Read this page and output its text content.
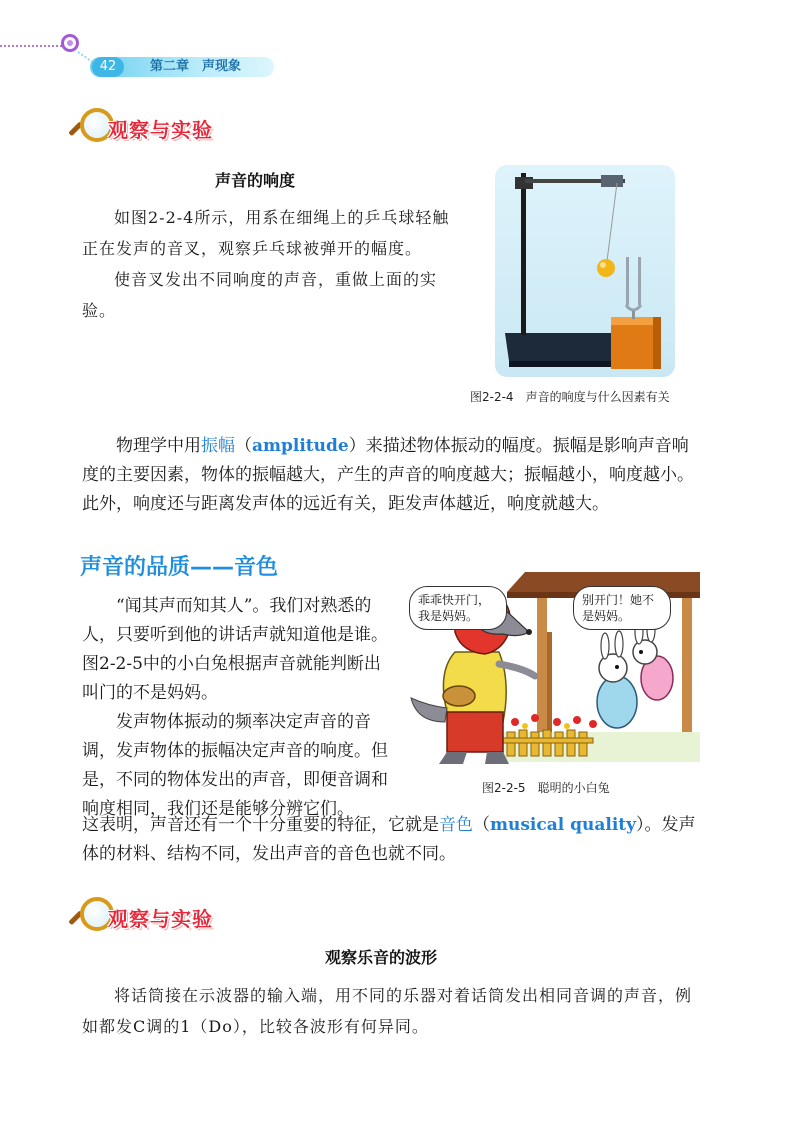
42	第二章　声现象
观察与实验
声音的响度

如图2-2-4所示，用系在细绳上的乒乓球轻触正在发声的音叉，观察乒乓球被弹开的幅度。

使音叉发出不同响度的声音，重做上面的实验。

图2-2-4　声音的响度与什么因素有关

物理学中用振幅（amplitude）来描述物体振动的幅度。振幅是影响声音响度的主要因素，物体的振幅越大，产生的声音的响度越大；振幅越小，响度越小。此外，响度还与距离发声体的远近有关，距发声体越近，响度就越大。

声音的品质——音色

“闻其声而知其人”。我们对熟悉的人，只要听到他的讲话声就知道他是谁。图2-2-5中的小白兔根据声音就能判断出叫门的不是妈妈。

发声物体振动的频率决定声音的音调，发声物体的振幅决定声音的响度。但是，不同的物体发出的声音，即便音调和响度相同，我们还是能够分辨它们。

这表明，声音还有一个十分重要的特征，它就是音色（musical quality）。发声体的材料、结构不同，发出声音的音色也就不同。

乖乖快开门，
我是妈妈。
别开门！她不
是妈妈。
图2-2-5　聪明的小白兔
观察与实验
观察乐音的波形

将话筒接在示波器的输入端，用不同的乐器对着话筒发出相同音调的声音，例如都发C调的1（Do），比较各波形有何异同。
